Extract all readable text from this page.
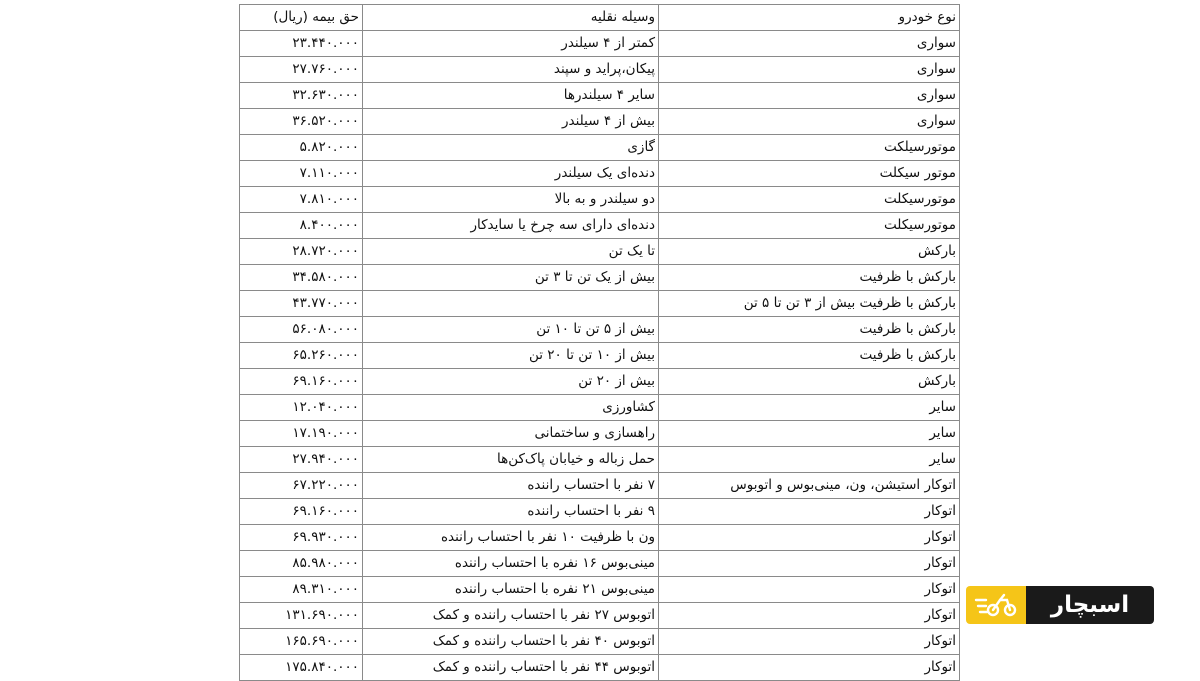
نوع خودرو	وسیله نقلیه	حق بیمه (ریال)
سواری	کمتر از ۴ سیلندر	۲۳.۴۴۰.۰۰۰
سواری	پیکان،پراید و سپند	۲۷.۷۶۰.۰۰۰
سواری	سایر ۴ سیلندرها	۳۲.۶۳۰.۰۰۰
سواری	بیش از ۴ سیلندر	۳۶.۵۲۰.۰۰۰
موتورسیلکت	گازی	۵.۸۲۰.۰۰۰
موتور سیکلت	دنده‌ای یک سیلندر	۷.۱۱۰.۰۰۰
موتورسیکلت	دو سیلندر و به بالا	۷.۸۱۰.۰۰۰
موتورسیکلت	دنده‌ای دارای سه چرخ یا سایدکار	۸.۴۰۰.۰۰۰
بارکش	تا یک تن	۲۸.۷۲۰.۰۰۰
بارکش با ظرفیت	بیش از یک تن تا ۳ تن	۳۴.۵۸۰.۰۰۰
بارکش با ظرفیت بیش از ۳ تن تا ۵ تن		۴۳.۷۷۰.۰۰۰
بارکش با ظرفیت	بیش از ۵ تن تا ۱۰ تن	۵۶.۰۸۰.۰۰۰
بارکش با ظرفیت	بیش از ۱۰ تن تا ۲۰ تن	۶۵.۲۶۰.۰۰۰
بارکش	بیش از ۲۰ تن	۶۹.۱۶۰.۰۰۰
سایر	کشاورزی	۱۲.۰۴۰.۰۰۰
سایر	راهسازی و ساختمانی	۱۷.۱۹۰.۰۰۰
سایر	حمل زباله و خیابان پاک‌کن‌ها	۲۷.۹۴۰.۰۰۰
اتوکار استیشن، ون، مینی‌بوس و اتوبوس	۷ نفر با احتساب راننده	۶۷.۲۲۰.۰۰۰
اتوکار	۹ نفر با احتساب راننده	۶۹.۱۶۰.۰۰۰
اتوکار	ون با ظرفیت ۱۰ نفر با احتساب راننده	۶۹.۹۳۰.۰۰۰
اتوکار	مینی‌بوس ۱۶ نفره با احتساب راننده	۸۵.۹۸۰.۰۰۰
اتوکار	مینی‌بوس ۲۱ نفره با احتساب راننده	۸۹.۳۱۰.۰۰۰
اتوکار	اتوبوس ۲۷ نفر با احتساب راننده و کمک	۱۳۱.۶۹۰.۰۰۰
اتوکار	اتوبوس ۴۰ نفر با احتساب راننده و کمک	۱۶۵.۶۹۰.۰۰۰
اتوکار	اتوبوس ۴۴ نفر با احتساب راننده و کمک	۱۷۵.۸۴۰.۰۰۰
اسبچار
